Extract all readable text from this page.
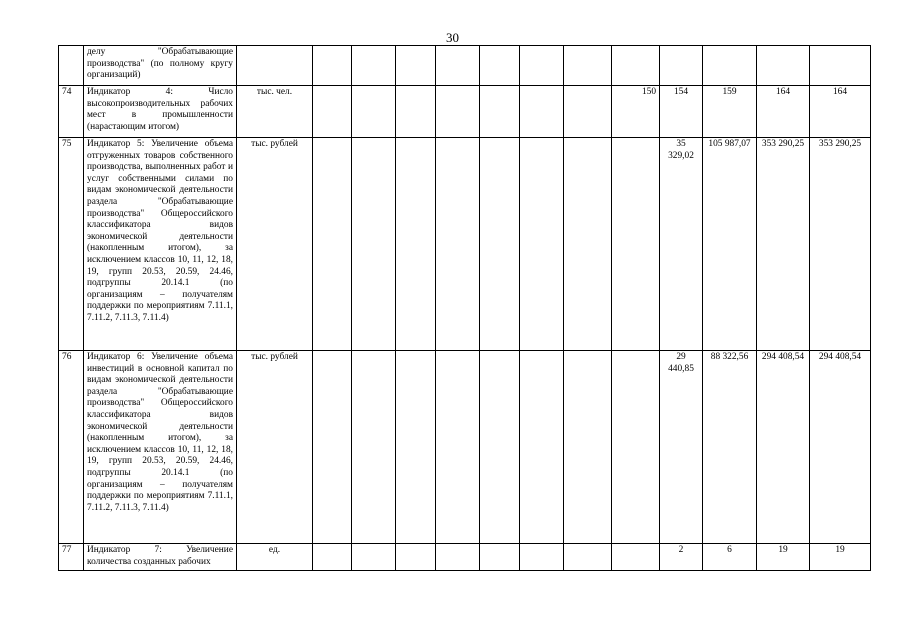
30
	делу "Обрабатывающие производства" (по полному кругу организаций)													
74	Индикатор 4: Число высокопроизводительных рабочих мест в промышленности (нарастающим итогом)	тыс. чел.								150	154	159	164	164
75	Индикатор 5: Увеличение объема отгруженных товаров собственного производства, выполненных работ и услуг собственными силами по видам экономической деятельности раздела "Обрабатывающие производства" Общероссийского классификатора видов экономической деятельности (накопленным итогом), за исключением классов 10, 11, 12, 18, 19, групп 20.53, 20.59, 24.46, подгруппы 20.14.1 (по организациям – получателям поддержки по мероприятиям 7.11.1, 7.11.2, 7.11.3, 7.11.4)	тыс. рублей									35 329,02	105 987,07	353 290,25	353 290,25
76	Индикатор 6: Увеличение объема инвестиций в основной капитал по видам экономической деятельности раздела "Обрабатывающие производства" Общероссийского классификатора видов экономической деятельности (накопленным итогом), за исключением классов 10, 11, 12, 18, 19, групп 20.53, 20.59, 24.46, подгруппы 20.14.1 (по организациям – получателям поддержки по мероприятиям 7.11.1, 7.11.2, 7.11.3, 7.11.4)	тыс. рублей									29 440,85	88 322,56	294 408,54	294 408,54
77	Индикатор 7: Увеличение количества созданных рабочих	ед.									2	6	19	19
